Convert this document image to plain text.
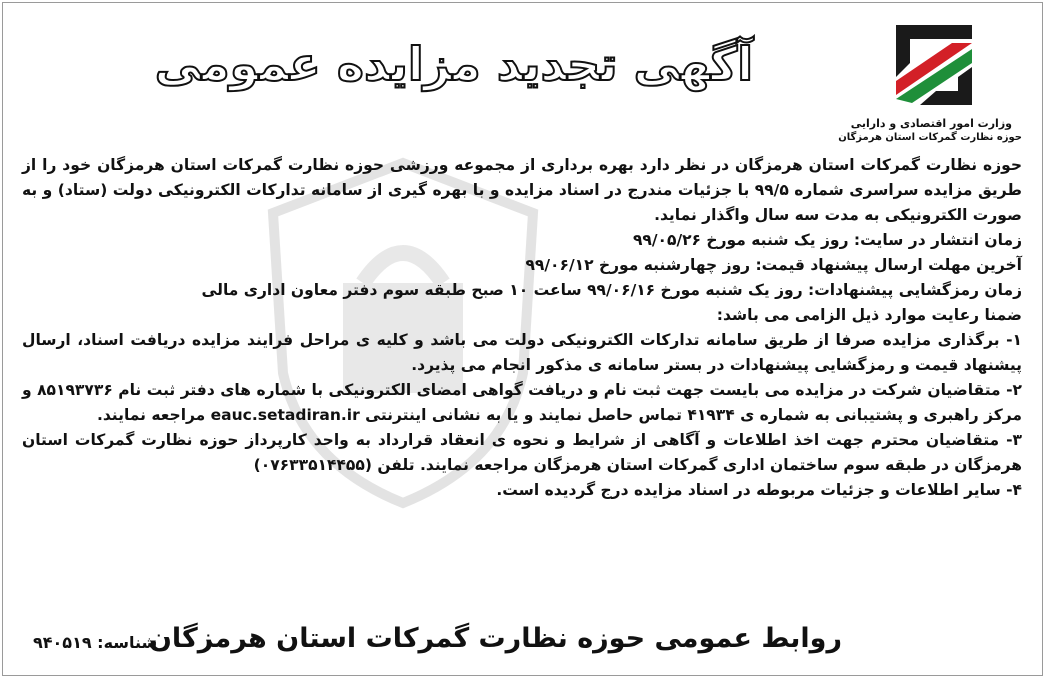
وزارت امور اقتصادی و دارایی
حوزه نظارت گمرکات استان هرمزگان
آگهی تجدید مزایده عمومی

حوزه نظارت گمرکات استان هرمزگان در نظر دارد بهره برداری از مجموعه ورزشی حوزه نظارت گمرکات استان هرمزگان خود را از طریق مزایده سراسری شماره ۹۹/۵ با جزئیات مندرج در اسناد مزایده و با بهره گیری از سامانه تدارکات الکترونیکی دولت (ستاد) و به صورت الکترونیکی به مدت سه سال واگذار نماید.

زمان انتشار در سایت: روز یک شنبه مورخ ۹۹/۰۵/۲۶

آخرین مهلت ارسال پیشنهاد قیمت: روز چهارشنبه مورخ ۹۹/۰۶/۱۲

زمان رمزگشایی پیشنهادات: روز یک شنبه مورخ ۹۹/۰۶/۱۶ ساعت ۱۰ صبح طبقه سوم دفتر معاون اداری مالی

ضمنا رعایت موارد ذیل الزامی می باشد:

۱- برگذاری مزایده صرفا از طریق سامانه تدارکات الکترونیکی دولت می باشد و کلیه ی مراحل فرایند مزایده دریافت اسناد، ارسال پیشنهاد قیمت و رمزگشایی پیشنهادات در بستر سامانه ی مذکور انجام می پذیرد.

۲- متقاضیان شرکت در مزایده می بایست جهت ثبت نام و دریافت گواهی امضای الکترونیکی با شماره های دفتر ثبت نام ۸۵۱۹۳۷۳۶ و مرکز راهبری و پشتیبانی به شماره ی ۴۱۹۳۴ تماس حاصل نمایند و یا به نشانی اینترنتی eauc.setadiran.ir مراجعه نمایند.

۳- متقاضیان محترم جهت اخذ اطلاعات و آگاهی از شرایط و نحوه ی انعقاد قرارداد به واحد کارپرداز حوزه نظارت گمرکات استان هرمزگان در طبقه سوم ساختمان اداری گمرکات استان هرمزگان مراجعه نمایند. تلفن (۰۷۶۳۳۵۱۴۴۵۵)

۴- سایر اطلاعات و جزئیات مربوطه در اسناد مزایده درج گردیده است.

روابط عمومی حوزه نظارت گمرکات استان هرمزگان
شناسه: ۹۴۰۵۱۹
